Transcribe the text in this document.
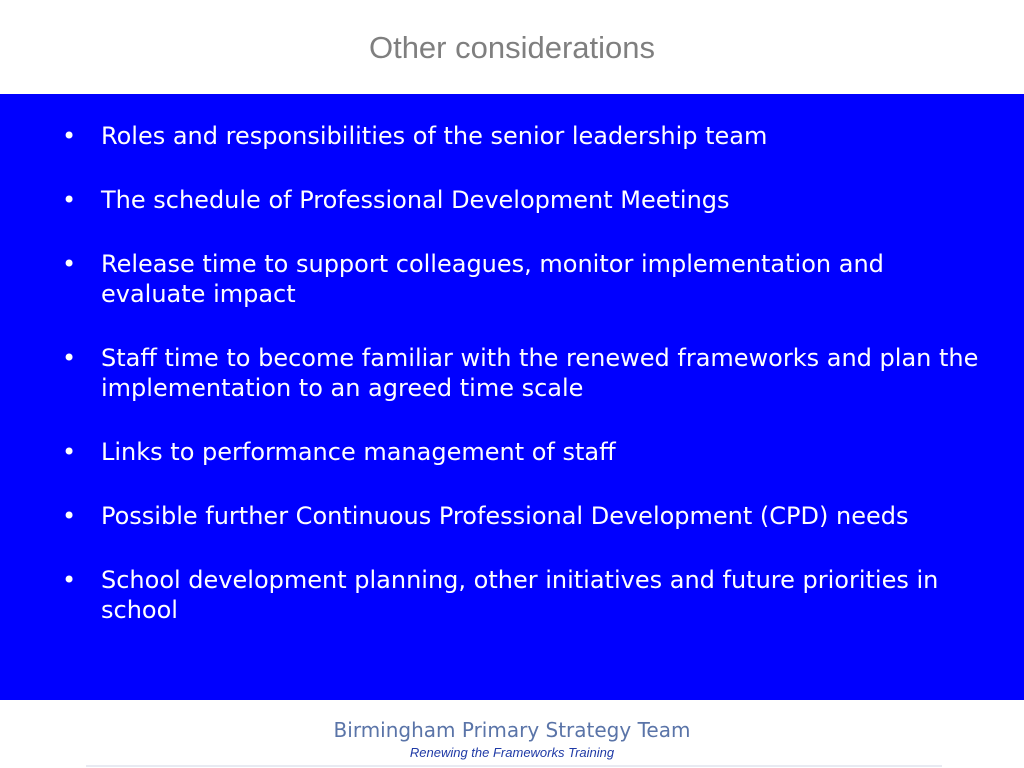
Other considerations
• Roles and responsibilities of the senior leadership team
• The schedule of Professional Development Meetings
• Release time to support colleagues, monitor implementation and evaluate impact
• Staff time to become familiar with the renewed frameworks and plan the implementation to an agreed time scale
• Links to performance management of staff
• Possible further Continuous Professional Development (CPD) needs
• School development planning, other initiatives and future priorities in school
Birmingham Primary Strategy Team
Renewing the Frameworks Training
